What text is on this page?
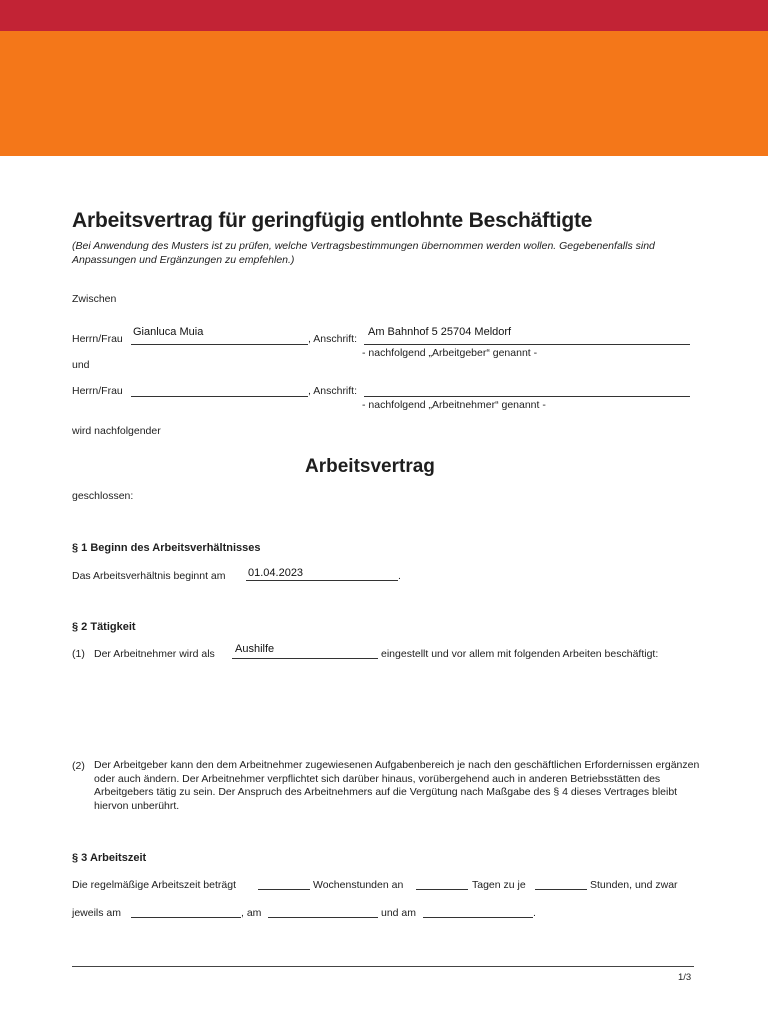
Arbeitsvertrag für geringfügig entlohnte Beschäftigte
(Bei Anwendung des Musters ist zu prüfen, welche Vertragsbestimmungen übernommen werden wollen. Gegebenenfalls sind Anpassungen und Ergänzungen zu empfehlen.)
Zwischen
Herrn/Frau
Gianluca Muia
, Anschrift:
Am Bahnhof 5 25704 Meldorf
- nachfolgend „Arbeitgeber“ genannt -
und
Herrn/Frau	, Anschrift:
- nachfolgend „Arbeitnehmer“ genannt -
wird nachfolgender
Arbeitsvertrag
geschlossen:
§ 1 Beginn des Arbeitsverhältnisses
Das Arbeitsverhältnis beginnt am 01.04.2023	.
§ 2 Tätigkeit
(1) Der Arbeitnehmer wird als Aushilfe	eingestellt und vor allem mit folgenden Arbeiten beschäftigt:
(2) Der Arbeitgeber kann den dem Arbeitnehmer zugewiesenen Aufgabenbereich je nach den geschäftlichen Erfordernissen ergänzen oder auch ändern. Der Arbeitnehmer verpflichtet sich darüber hinaus, vorübergehend auch in anderen Betriebsstätten des Arbeitgebers tätig zu sein. Der Anspruch des Arbeitnehmers auf die Vergütung nach Maßgabe des § 4 dieses Vertrages bleibt hiervon unberührt.
§ 3 Arbeitszeit
Die regelmäßige Arbeitszeit beträgt	Wochenstunden an	Tagen zu je	Stunden, und zwar
jeweils am	, am	und am	.
1/3
